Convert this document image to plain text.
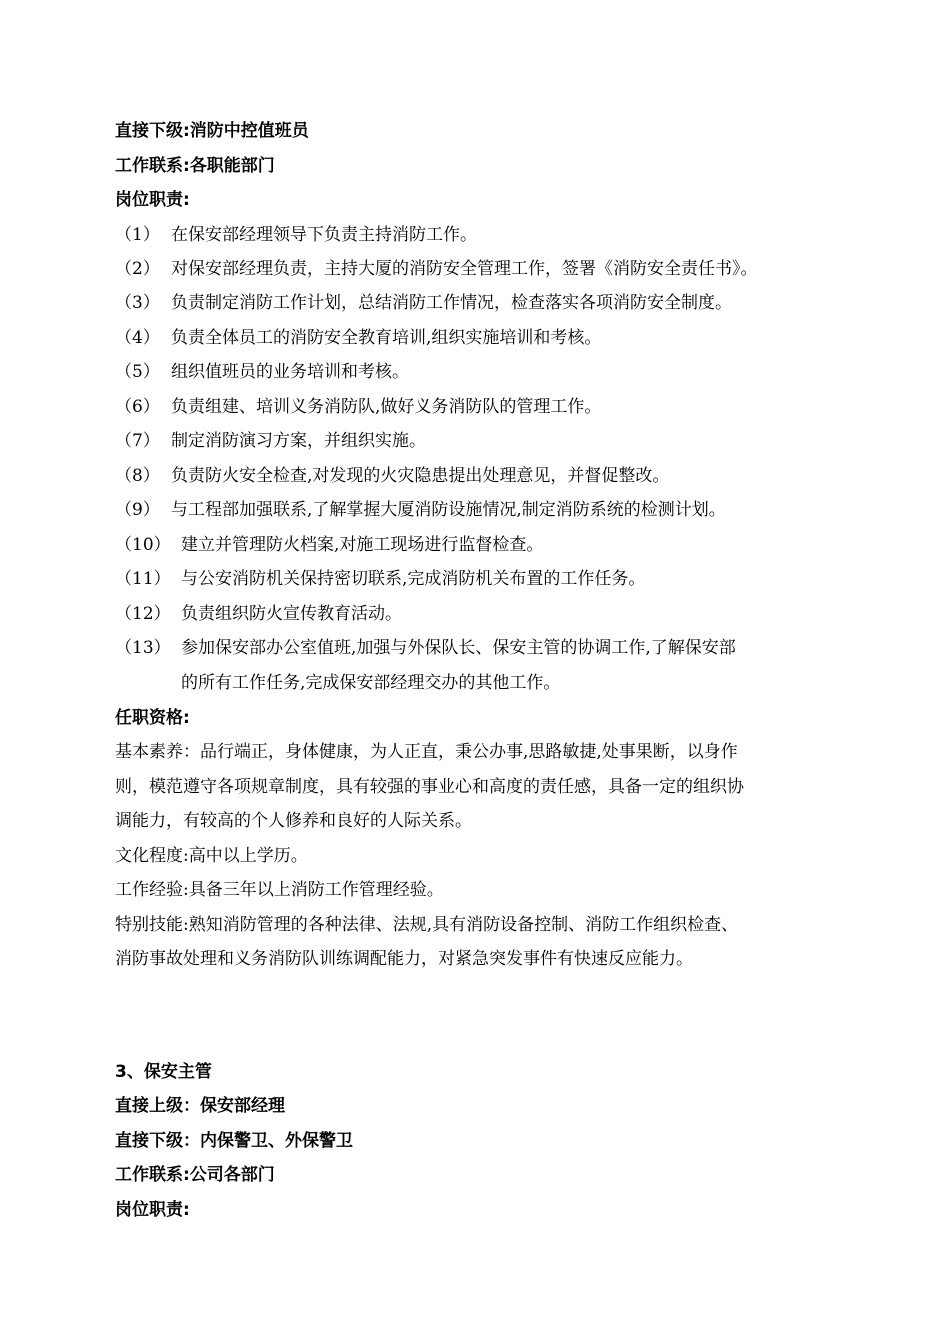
直接下级:消防中控值班员
工作联系:各职能部门
岗位职责:
（1） 在保安部经理领导下负责主持消防工作。
（2） 对保安部经理负责，主持大厦的消防安全管理工作，签署《消防安全责任书》。
（3） 负责制定消防工作计划，总结消防工作情况，检查落实各项消防安全制度。
（4） 负责全体员工的消防安全教育培训,组织实施培训和考核。
（5） 组织值班员的业务培训和考核。
（6） 负责组建、培训义务消防队,做好义务消防队的管理工作。
（7） 制定消防演习方案，并组织实施。
（8） 负责防火安全检查,对发现的火灾隐患提出处理意见，并督促整改。
（9） 与工程部加强联系,了解掌握大厦消防设施情况,制定消防系统的检测计划。
（10） 建立并管理防火档案,对施工现场进行监督检查。
（11） 与公安消防机关保持密切联系,完成消防机关布置的工作任务。
（12） 负责组织防火宣传教育活动。
（13） 参加保安部办公室值班,加强与外保队长、保安主管的协调工作,了解保安部
的所有工作任务,完成保安部经理交办的其他工作。
任职资格:
基本素养：品行端正，身体健康，为人正直，秉公办事,思路敏捷,处事果断，以身作
则，模范遵守各项规章制度，具有较强的事业心和高度的责任感，具备一定的组织协
调能力，有较高的个人修养和良好的人际关系。
文化程度:高中以上学历。
工作经验:具备三年以上消防工作管理经验。
特别技能:熟知消防管理的各种法律、法规,具有消防设备控制、消防工作组织检查、
消防事故处理和义务消防队训练调配能力，对紧急突发事件有快速反应能力。
3、保安主管
直接上级：保安部经理
直接下级：内保警卫、外保警卫
工作联系:公司各部门
岗位职责:
